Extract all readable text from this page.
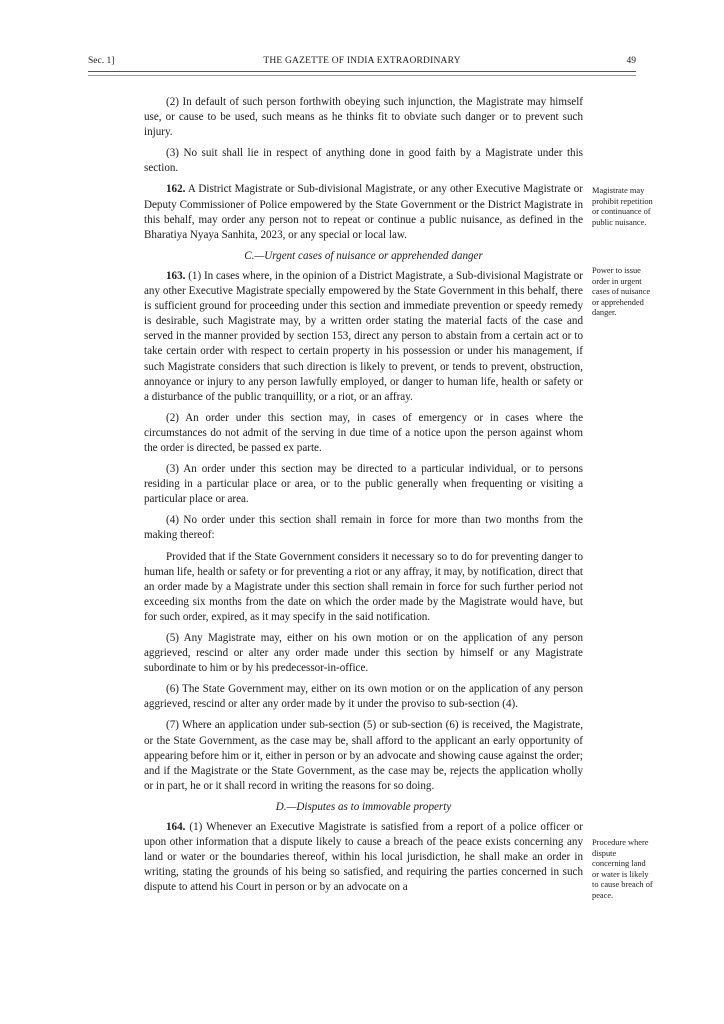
Sec. 1]	THE GAZETTE OF INDIA EXTRAORDINARY	49

(2) In default of such person forthwith obeying such injunction, the Magistrate may himself use, or cause to be used, such means as he thinks fit to obviate such danger or to prevent such injury.

(3) No suit shall lie in respect of anything done in good faith by a Magistrate under this section.

162. A District Magistrate or Sub-divisional Magistrate, or any other Executive Magistrate or Deputy Commissioner of Police empowered by the State Government or the District Magistrate in this behalf, may order any person not to repeat or continue a public nuisance, as defined in the Bharatiya Nyaya Sanhita, 2023, or any special or local law.

C.—Urgent cases of nuisance or apprehended danger

163. (1) In cases where, in the opinion of a District Magistrate, a Sub-divisional Magistrate or any other Executive Magistrate specially empowered by the State Government in this behalf, there is sufficient ground for proceeding under this section and immediate prevention or speedy remedy is desirable, such Magistrate may, by a written order stating the material facts of the case and served in the manner provided by section 153, direct any person to abstain from a certain act or to take certain order with respect to certain property in his possession or under his management, if such Magistrate considers that such direction is likely to prevent, or tends to prevent, obstruction, annoyance or injury to any person lawfully employed, or danger to human life, health or safety or a disturbance of the public tranquillity, or a riot, or an affray.

(2) An order under this section may, in cases of emergency or in cases where the circumstances do not admit of the serving in due time of a notice upon the person against whom the order is directed, be passed ex parte.

(3) An order under this section may be directed to a particular individual, or to persons residing in a particular place or area, or to the public generally when frequenting or visiting a particular place or area.

(4) No order under this section shall remain in force for more than two months from the making thereof:

Provided that if the State Government considers it necessary so to do for preventing danger to human life, health or safety or for preventing a riot or any affray, it may, by notification, direct that an order made by a Magistrate under this section shall remain in force for such further period not exceeding six months from the date on which the order made by the Magistrate would have, but for such order, expired, as it may specify in the said notification.

(5) Any Magistrate may, either on his own motion or on the application of any person aggrieved, rescind or alter any order made under this section by himself or any Magistrate subordinate to him or by his predecessor-in-office.

(6) The State Government may, either on its own motion or on the application of any person aggrieved, rescind or alter any order made by it under the proviso to sub-section (4).

(7) Where an application under sub-section (5) or sub-section (6) is received, the Magistrate, or the State Government, as the case may be, shall afford to the applicant an early opportunity of appearing before him or it, either in person or by an advocate and showing cause against the order; and if the Magistrate or the State Government, as the case may be, rejects the application wholly or in part, he or it shall record in writing the reasons for so doing.

D.—Disputes as to immovable property

164. (1) Whenever an Executive Magistrate is satisfied from a report of a police officer or upon other information that a dispute likely to cause a breach of the peace exists concerning any land or water or the boundaries thereof, within his local jurisdiction, he shall make an order in writing, stating the grounds of his being so satisfied, and requiring the parties concerned in such dispute to attend his Court in person or by an advocate on a

Magistrate may prohibit repetition or continuance of public nuisance.
Power to issue order in urgent cases of nuisance or apprehended danger.
Procedure where dispute concerning land or water is likely to cause breach of peace.
